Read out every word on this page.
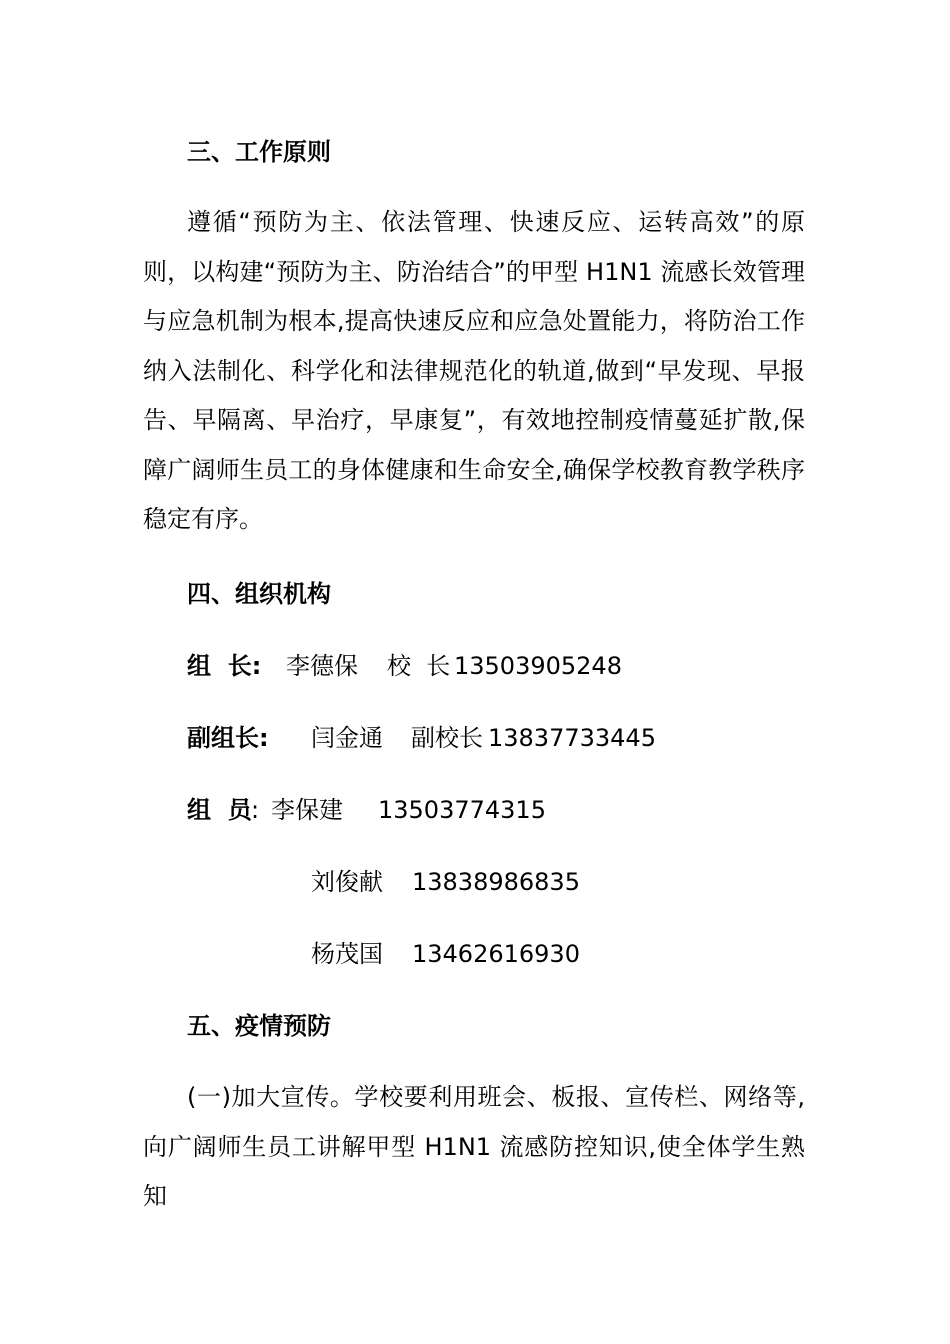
三、工作原则

遵循“预防为主、依法管理、快速反应、运转高效”的原则，以构建“预防为主、防治结合”的甲型 H1N1 流感长效管理与应急机制为根本,提高快速反应和应急处置能力，将防治工作纳入法制化、科学化和法律规范化的轨道,做到“早发现、早报告、早隔离、早治疗，早康复”，有效地控制疫情蔓延扩散,保障广阔师生员工的身体健康和生命安全,确保学校教育教学秩序稳定有序。

四、组织机构
组  长: 李德保 校  长 13503905248
副组长: 闫金通 副校长 13837733445
组  员 : 李保建 13503774315
刘俊献 13838986835
杨茂国 13462616930
五、疫情预防

(一)加大宣传。学校要利用班会、板报、宣传栏、网络等,向广阔师生员工讲解甲型 H1N1 流感防控知识,使全体学生熟知
